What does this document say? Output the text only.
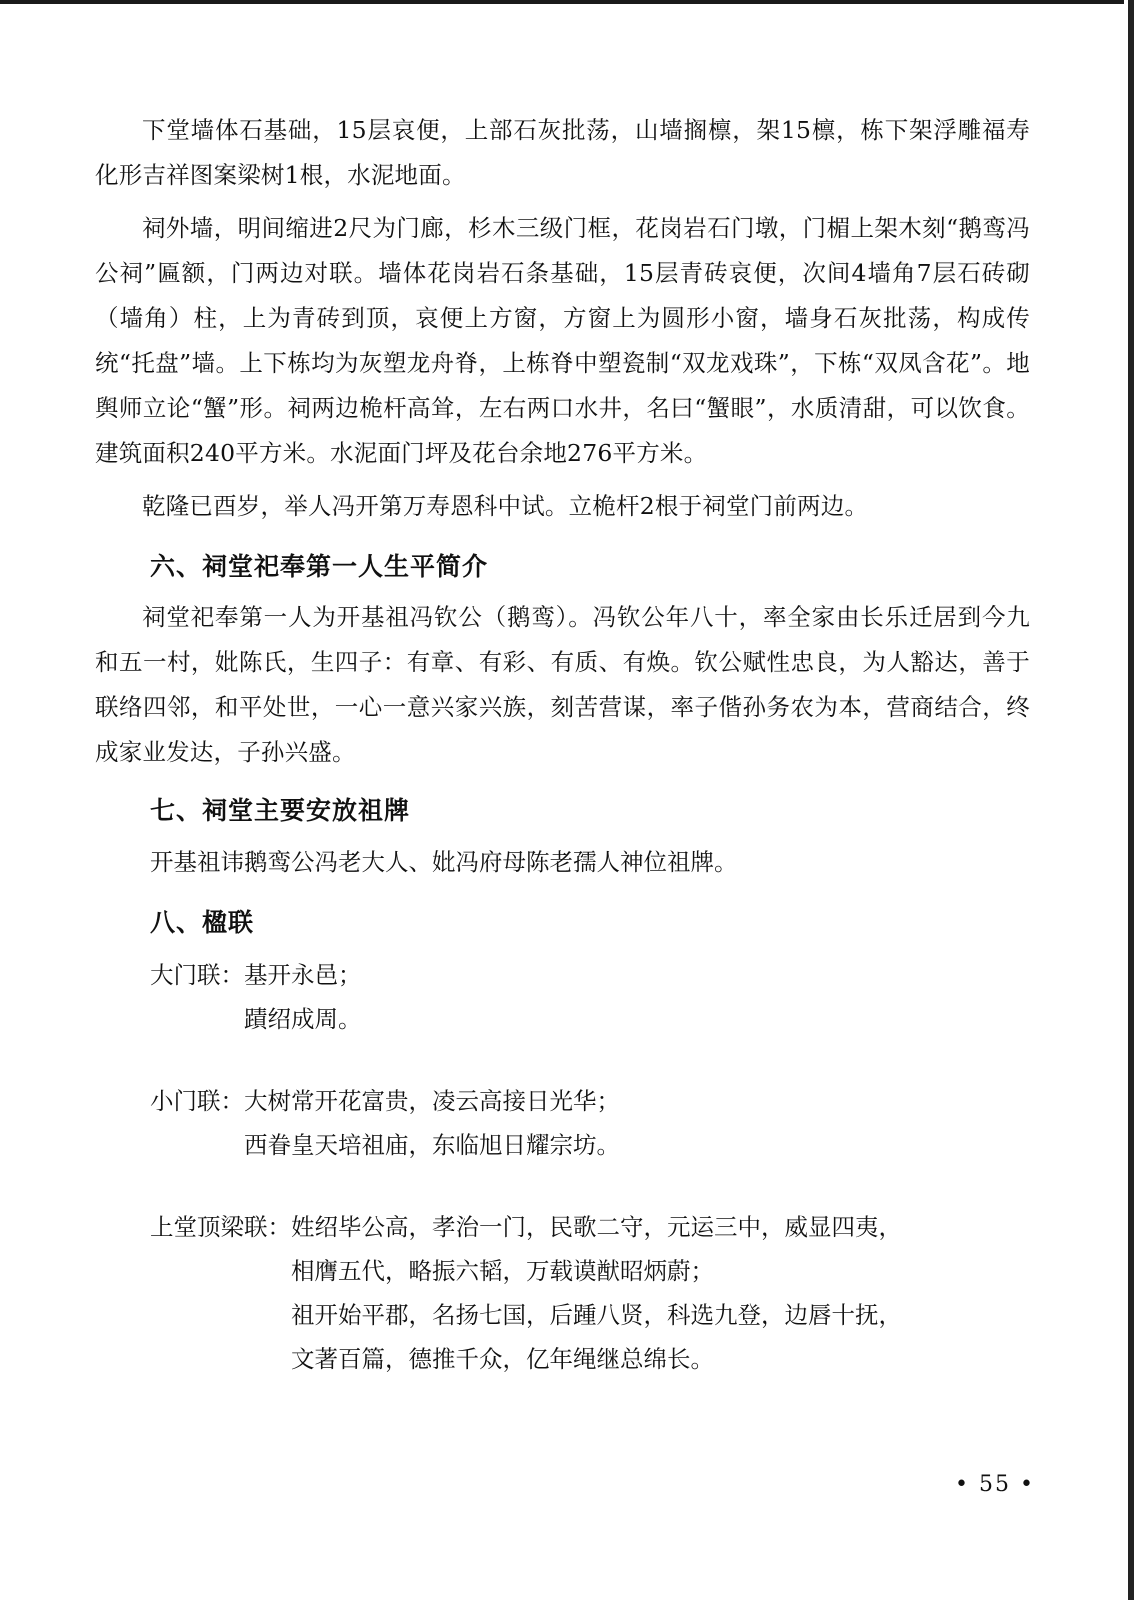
下堂墙体石基础，15层哀便，上部石灰批荡，山墙搁檩，架15檩，栋下架浮雕福寿化形吉祥图案梁树1根，水泥地面。

祠外墙，明间缩进2尺为门廊，杉木三级门框，花岗岩石门墩，门楣上架木刻“鹅鸾冯公祠”匾额，门两边对联。墙体花岗岩石条基础，15层青砖哀便，次间4墙角7层石砖砌（墙角）柱，上为青砖到顶，哀便上方窗，方窗上为圆形小窗，墙身石灰批荡，构成传统“托盘”墙。上下栋均为灰塑龙舟脊，上栋脊中塑瓷制“双龙戏珠”，下栋“双凤含花”。地舆师立论“蟹”形。祠两边桅杆高耸，左右两口水井，名曰“蟹眼”，水质清甜，可以饮食。建筑面积240平方米。水泥面门坪及花台余地276平方米。

乾隆已酉岁，举人冯开第万寿恩科中试。立桅杆2根于祠堂门前两边。

六、祠堂祀奉第一人生平简介

祠堂祀奉第一人为开基祖冯钦公（鹅鸾）。冯钦公年八十，率全家由长乐迁居到今九和五一村，妣陈氏，生四子：有章、有彩、有质、有焕。钦公赋性忠良，为人豁达，善于联络四邻，和平处世，一心一意兴家兴族，刻苦营谋，率子偕孙务农为本，营商结合，终成家业发达，子孙兴盛。

七、祠堂主要安放祖牌
开基祖讳鹅鸾公冯老大人、妣冯府母陈老孺人神位祖牌。
八、楹联
大门联： 基开永邑；
蹟绍成周。
小门联： 大树常开花富贵，凌云高接日光华；
西眷皇天培祖庙，东临旭日耀宗坊。
上堂顶梁联： 姓绍毕公高，孝治一门，民歌二守，元运三中，威显四夷，
相膺五代，略振六韬，万载谟猷昭炳蔚；
祖开始平郡，名扬七国，后踵八贤，科选九登，边唇十抚，
文著百篇，德推千众，亿年绳继总绵长。
• 55 •
